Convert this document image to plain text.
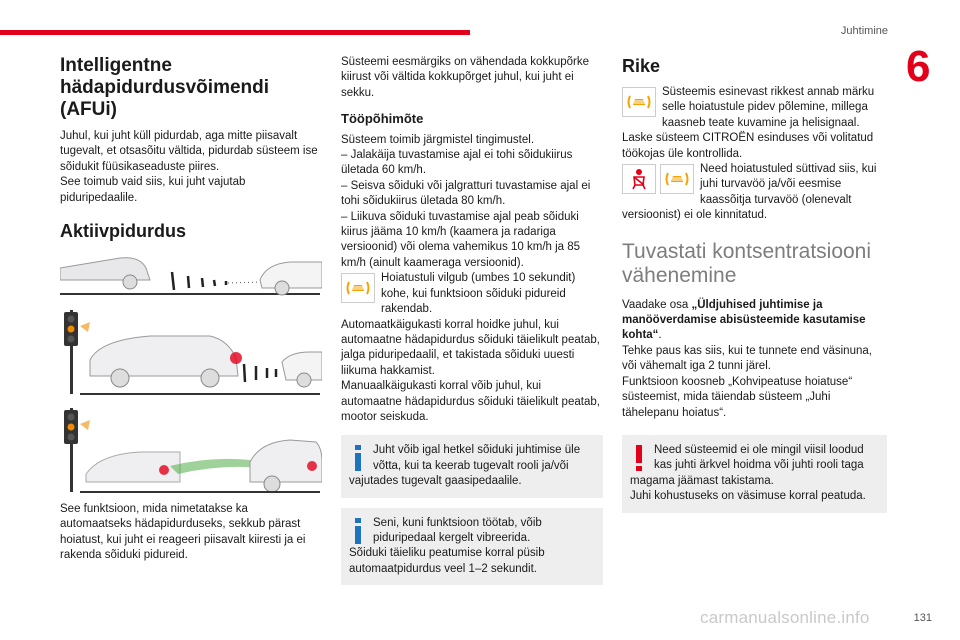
Juhtimine
6
Intelligentne hädapidurdusvõimendi (AFUi)

Juhul, kui juht küll pidurdab, aga mitte piisavalt tugevalt, et otsasõitu vältida, pidurdab süsteem ise sõidukit füüsikaseaduste piires.

See toimub vaid siis, kui juht vajutab piduripedaalile.

Aktiivpidurdus

See funktsioon, mida nimetatakse ka automaatseks hädapidurduseks, sekkub pärast hoiatust, kui juht ei reageeri piisavalt kiiresti ja ei rakenda sõiduki pidureid.

Süsteemi eesmärgiks on vähendada kokkupõrke kiirust või vältida kokkupõrget juhul, kui juht ei sekku.

Tööpõhimõte

Süsteem toimib järgmistel tingimustel.

– Jalakäija tuvastamise ajal ei tohi sõidukiirus ületada 60 km/h.

– Seisva sõiduki või jalgratturi tuvastamise ajal ei tohi sõidukiirus ületada 80 km/h.

– Liikuva sõiduki tuvastamise ajal peab sõiduki kiirus jääma 10 km/h (kaamera ja radariga versioonid) või olema vahemikus 10 km/h ja 85 km/h (ainult kaameraga versioonid).

Hoiatustuli vilgub (umbes 10 sekundit) kohe, kui funktsioon sõiduki pidureid rakendab.

Automaatkäigukasti korral hoidke juhul, kui automaatne hädapidurdus sõiduki täielikult peatab, jalga piduripedaalil, et takistada sõiduki uuesti liikuma hakkamist.

Manuaalkäigukasti korral võib juhul, kui automaatne hädapidurdus sõiduki täielikult peatab, mootor seiskuda.

Juht võib igal hetkel sõiduki juhtimise üle võtta, kui ta keerab tugevalt rooli ja/või vajutades tugevalt gaasipedaalile.

Seni, kuni funktsioon töötab, võib piduripedaal kergelt vibreerida.

Sõiduki täieliku peatumise korral püsib automaatpidurdus veel 1–2 sekundit.

Rike

Süsteemis esinevast rikkest annab märku selle hoiatustule pidev põlemine, millega kaasneb teate kuvamine ja helisignaal.

Laske süsteem CITROËN esinduses või volitatud töökojas üle kontrollida.

Need hoiatustuled süttivad siis, kui juhi turvavöö ja/või eesmise kaassõitja turvavöö (olenevalt versioonist) ei ole kinnitatud.

Tuvastati kontsentratsiooni vähenemine

Vaadake osa „Üldjuhised juhtimise ja manööverdamise abisüsteemide kasutamise kohta“.

Tehke paus kas siis, kui te tunnete end väsinuna, või vähemalt iga 2 tunni järel.

Funktsioon koosneb „Kohvipeatuse hoiatuse“ süsteemist, mida täiendab süsteem „Juhi tähelepanu hoiatus“.

Need süsteemid ei ole mingil viisil loodud kas juhti ärkvel hoidma või juhti rooli taga magama jäämast takistama.

Juhi kohustuseks on väsimuse korral peatuda.

carmanualsonline.info	131
